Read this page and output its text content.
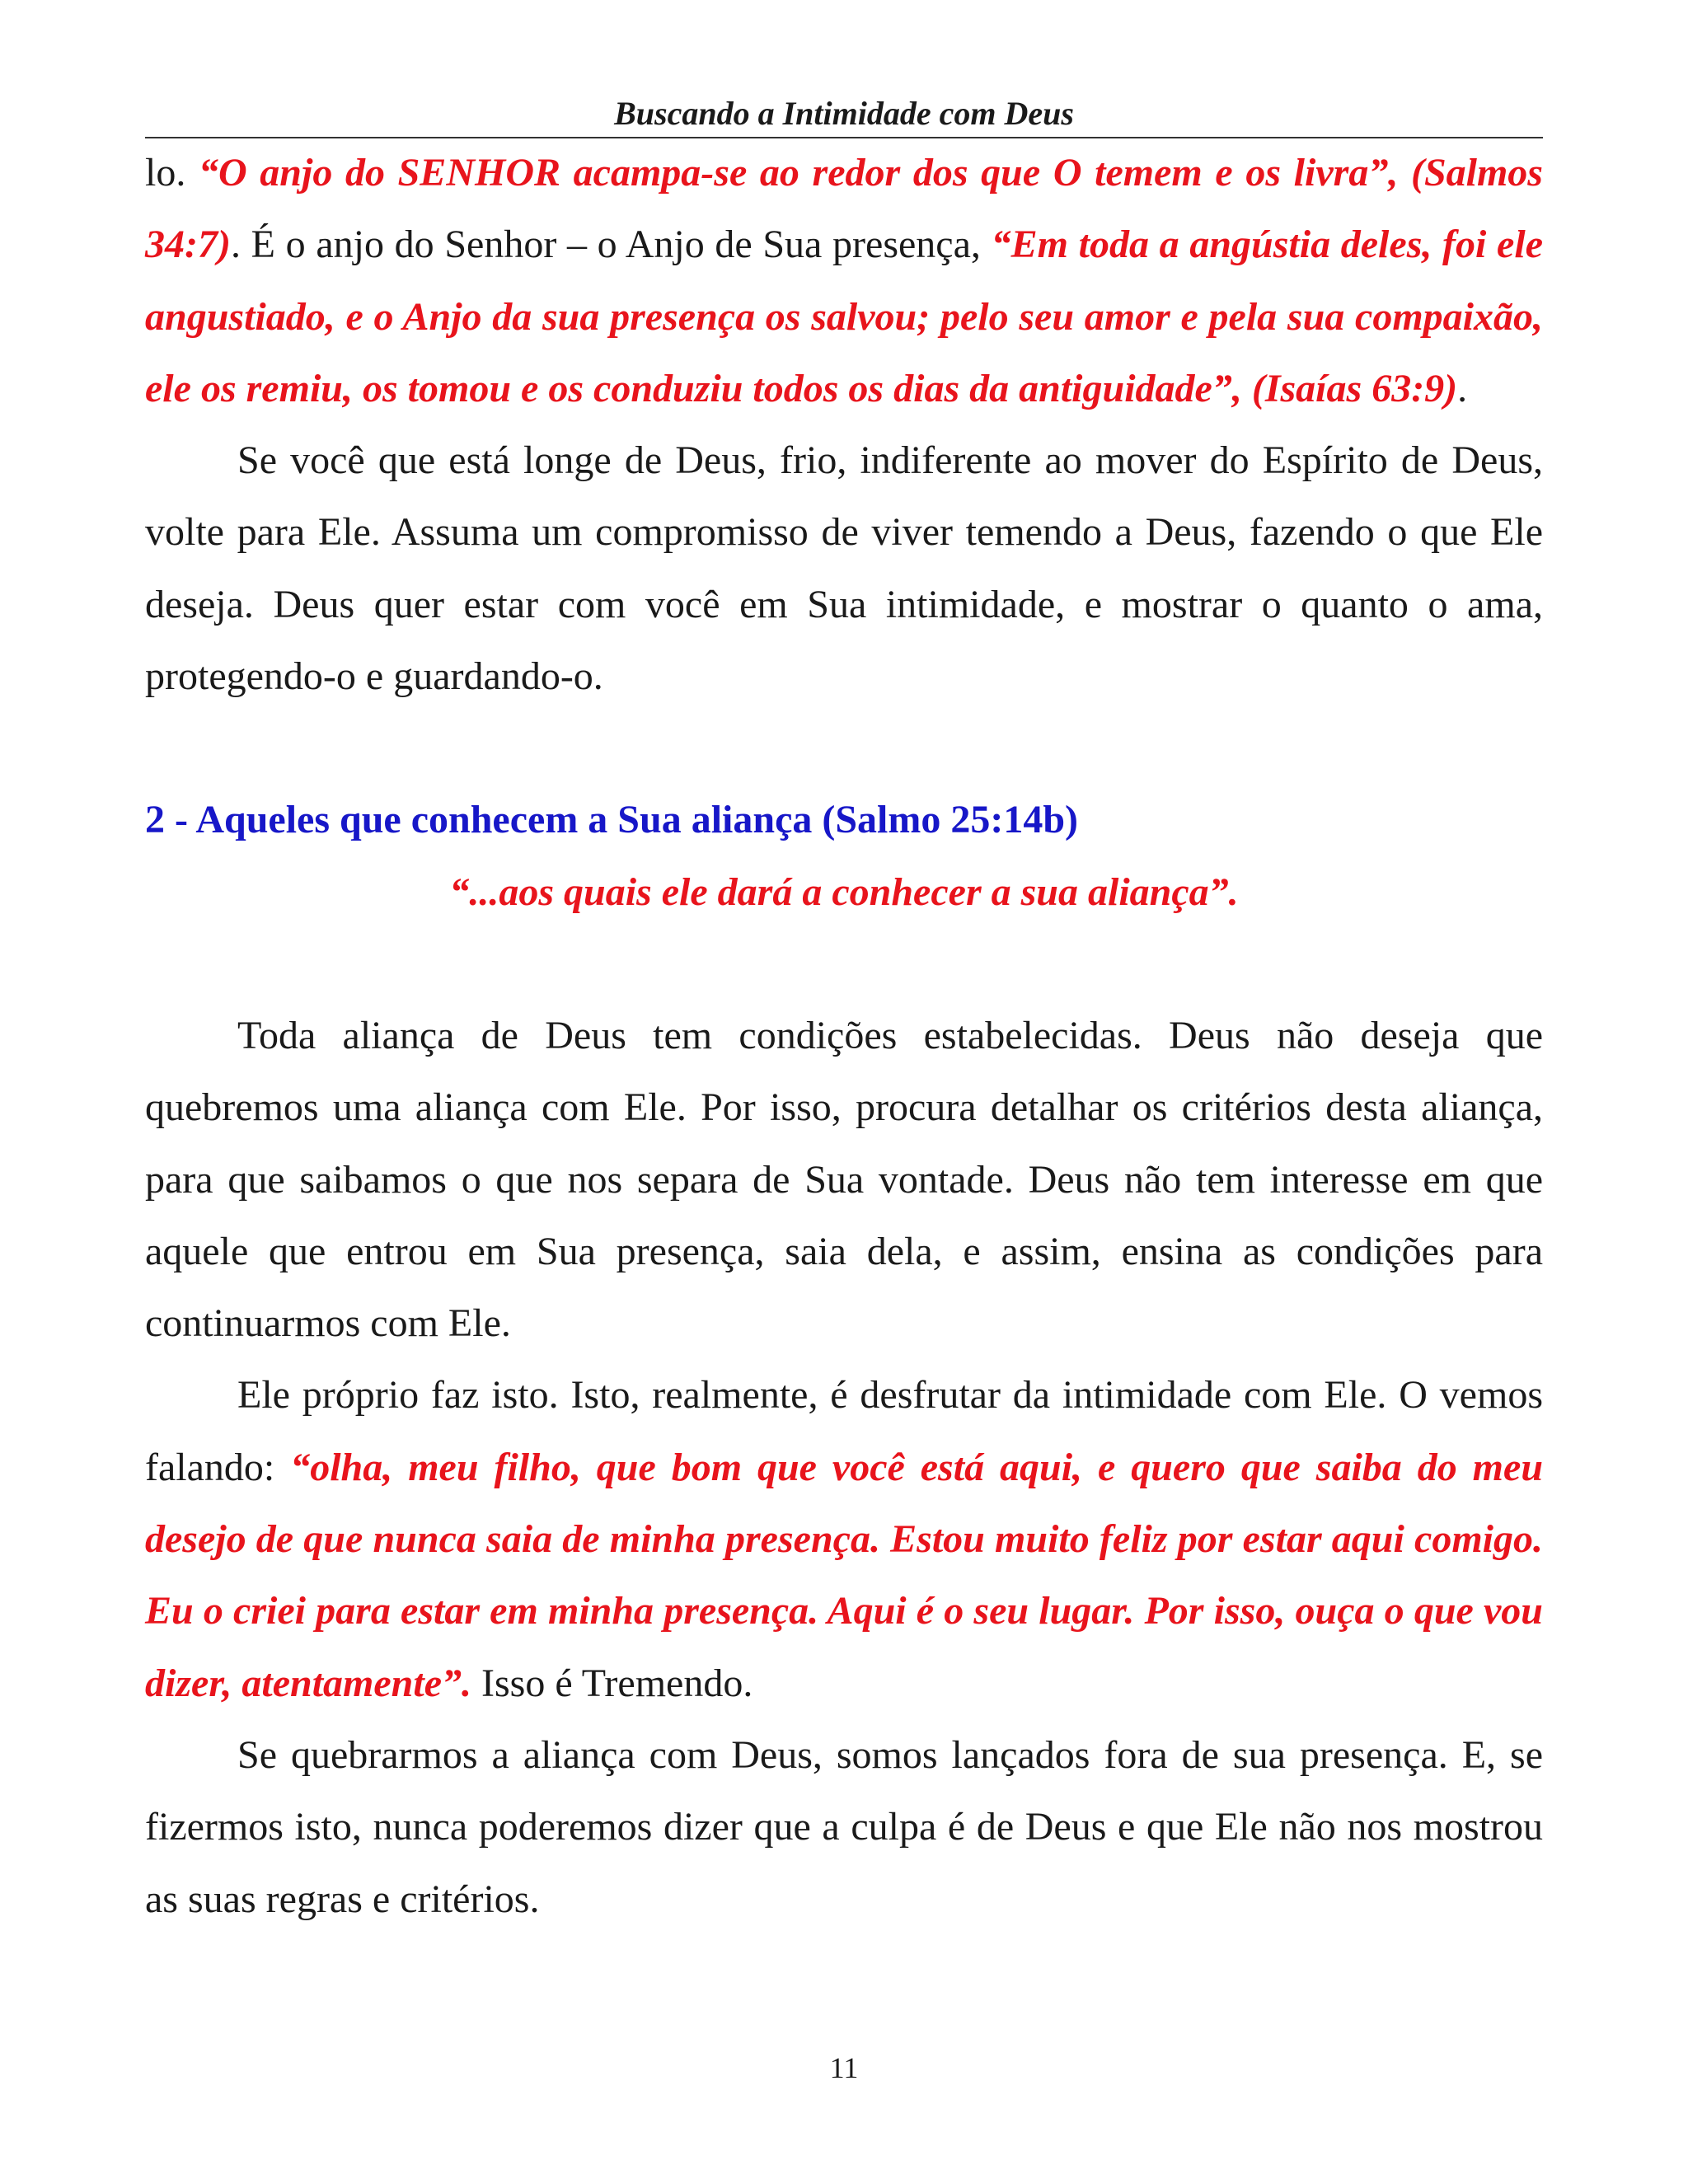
Buscando a Intimidade com Deus

lo. “O anjo do SENHOR acampa-se ao redor dos que O temem e os livra”, (Salmos 34:7). É o anjo do Senhor – o Anjo de Sua presença, “Em toda a angústia deles, foi ele angustiado, e o Anjo da sua presença os salvou; pelo seu amor e pela sua compaixão, ele os remiu, os tomou e os conduziu todos os dias da antiguidade”, (Isaías 63:9).

Se você que está longe de Deus, frio, indiferente ao mover do Espírito de Deus, volte para Ele. Assuma um compromisso de viver temendo a Deus, fazendo o que Ele deseja. Deus quer estar com você em Sua intimidade, e mostrar o quanto o ama, protegendo-o e guardando-o.

2 - Aqueles que conhecem a Sua aliança (Salmo 25:14b)

“...aos quais ele dará a conhecer a sua aliança”.

Toda aliança de Deus tem condições estabelecidas. Deus não deseja que quebremos uma aliança com Ele. Por isso, procura detalhar os critérios desta aliança, para que saibamos o que nos separa de Sua vontade. Deus não tem interesse em que aquele que entrou em Sua presença, saia dela, e assim, ensina as condições para continuarmos com Ele.

Ele próprio faz isto. Isto, realmente, é desfrutar da intimidade com Ele. O vemos falando: “olha, meu filho, que bom que você está aqui, e quero que saiba do meu desejo de que nunca saia de minha presença. Estou muito feliz por estar aqui comigo. Eu o criei para estar em minha presença. Aqui é o seu lugar. Por isso, ouça o que vou dizer, atentamente”. Isso é Tremendo.

Se quebrarmos a aliança com Deus, somos lançados fora de sua presença. E, se fizermos isto, nunca poderemos dizer que a culpa é de Deus e que Ele não nos mostrou as suas regras e critérios.

11
